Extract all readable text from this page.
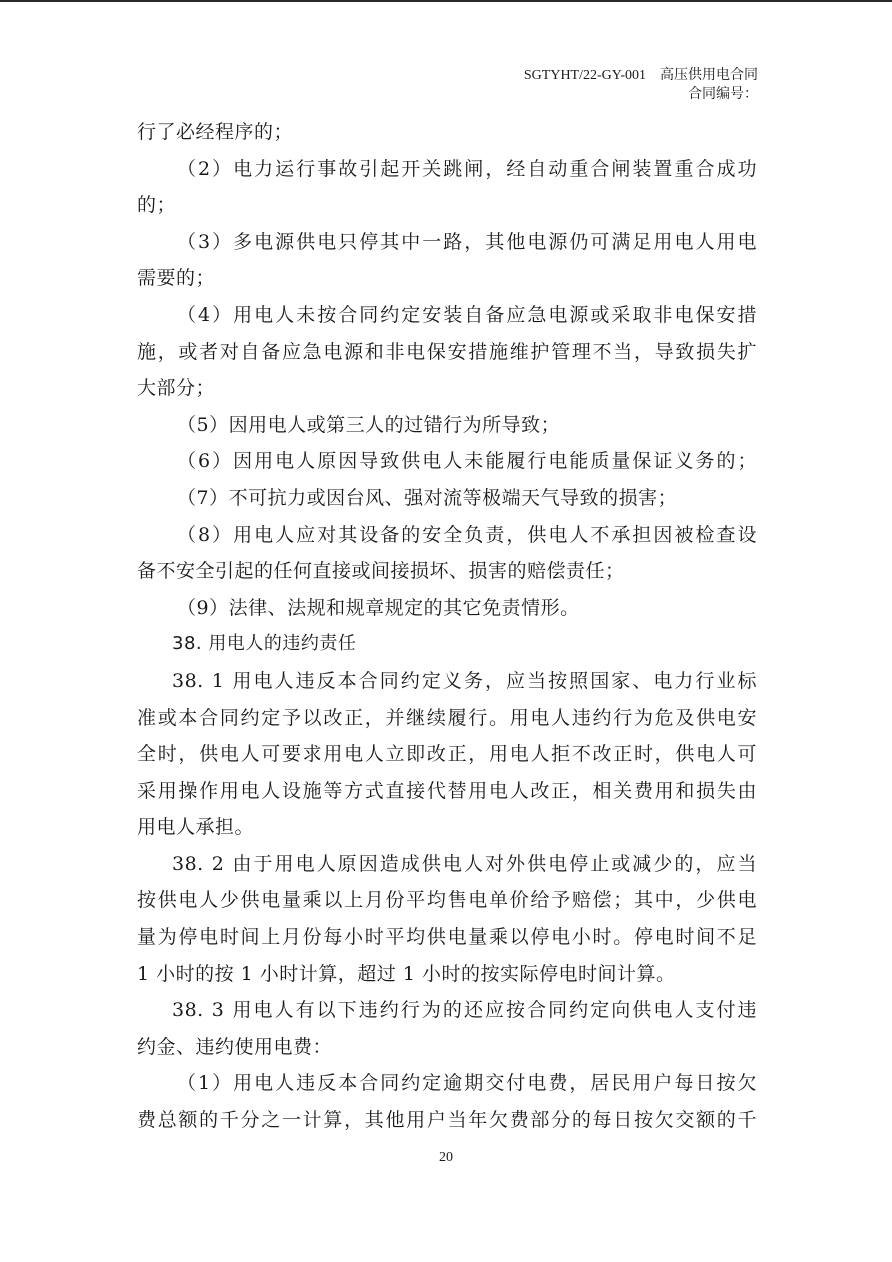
SGTYHT/22-GY-001 高压供用电合同
合同编号：
行了必经程序的；
（2）电力运行事故引起开关跳闸，经自动重合闸装置重合成功
的；
（3）多电源供电只停其中一路，其他电源仍可满足用电人用电
需要的；
（4）用电人未按合同约定安装自备应急电源或采取非电保安措
施，或者对自备应急电源和非电保安措施维护管理不当，导致损失扩
大部分；
（5）因用电人或第三人的过错行为所导致；
（6）因用电人原因导致供电人未能履行电能质量保证义务的；
（7）不可抗力或因台风、强对流等极端天气导致的损害；
（8）用电人应对其设备的安全负责，供电人不承担因被检查设
备不安全引起的任何直接或间接损坏、损害的赔偿责任；
（9）法律、法规和规章规定的其它免责情形。
38. 用电人的违约责任
38. 1 用电人违反本合同约定义务，应当按照国家、电力行业标
准或本合同约定予以改正，并继续履行。用电人违约行为危及供电安
全时，供电人可要求用电人立即改正，用电人拒不改正时，供电人可
采用操作用电人设施等方式直接代替用电人改正，相关费用和损失由
用电人承担。
38. 2 由于用电人原因造成供电人对外供电停止或减少的，应当
按供电人少供电量乘以上月份平均售电单价给予赔偿；其中，少供电
量为停电时间上月份每小时平均供电量乘以停电小时。停电时间不足
1 小时的按 1 小时计算，超过 1 小时的按实际停电时间计算。
38. 3 用电人有以下违约行为的还应按合同约定向供电人支付违
约金、违约使用电费：
（1）用电人违反本合同约定逾期交付电费，居民用户每日按欠
费总额的千分之一计算，其他用户当年欠费部分的每日按欠交额的千
20
